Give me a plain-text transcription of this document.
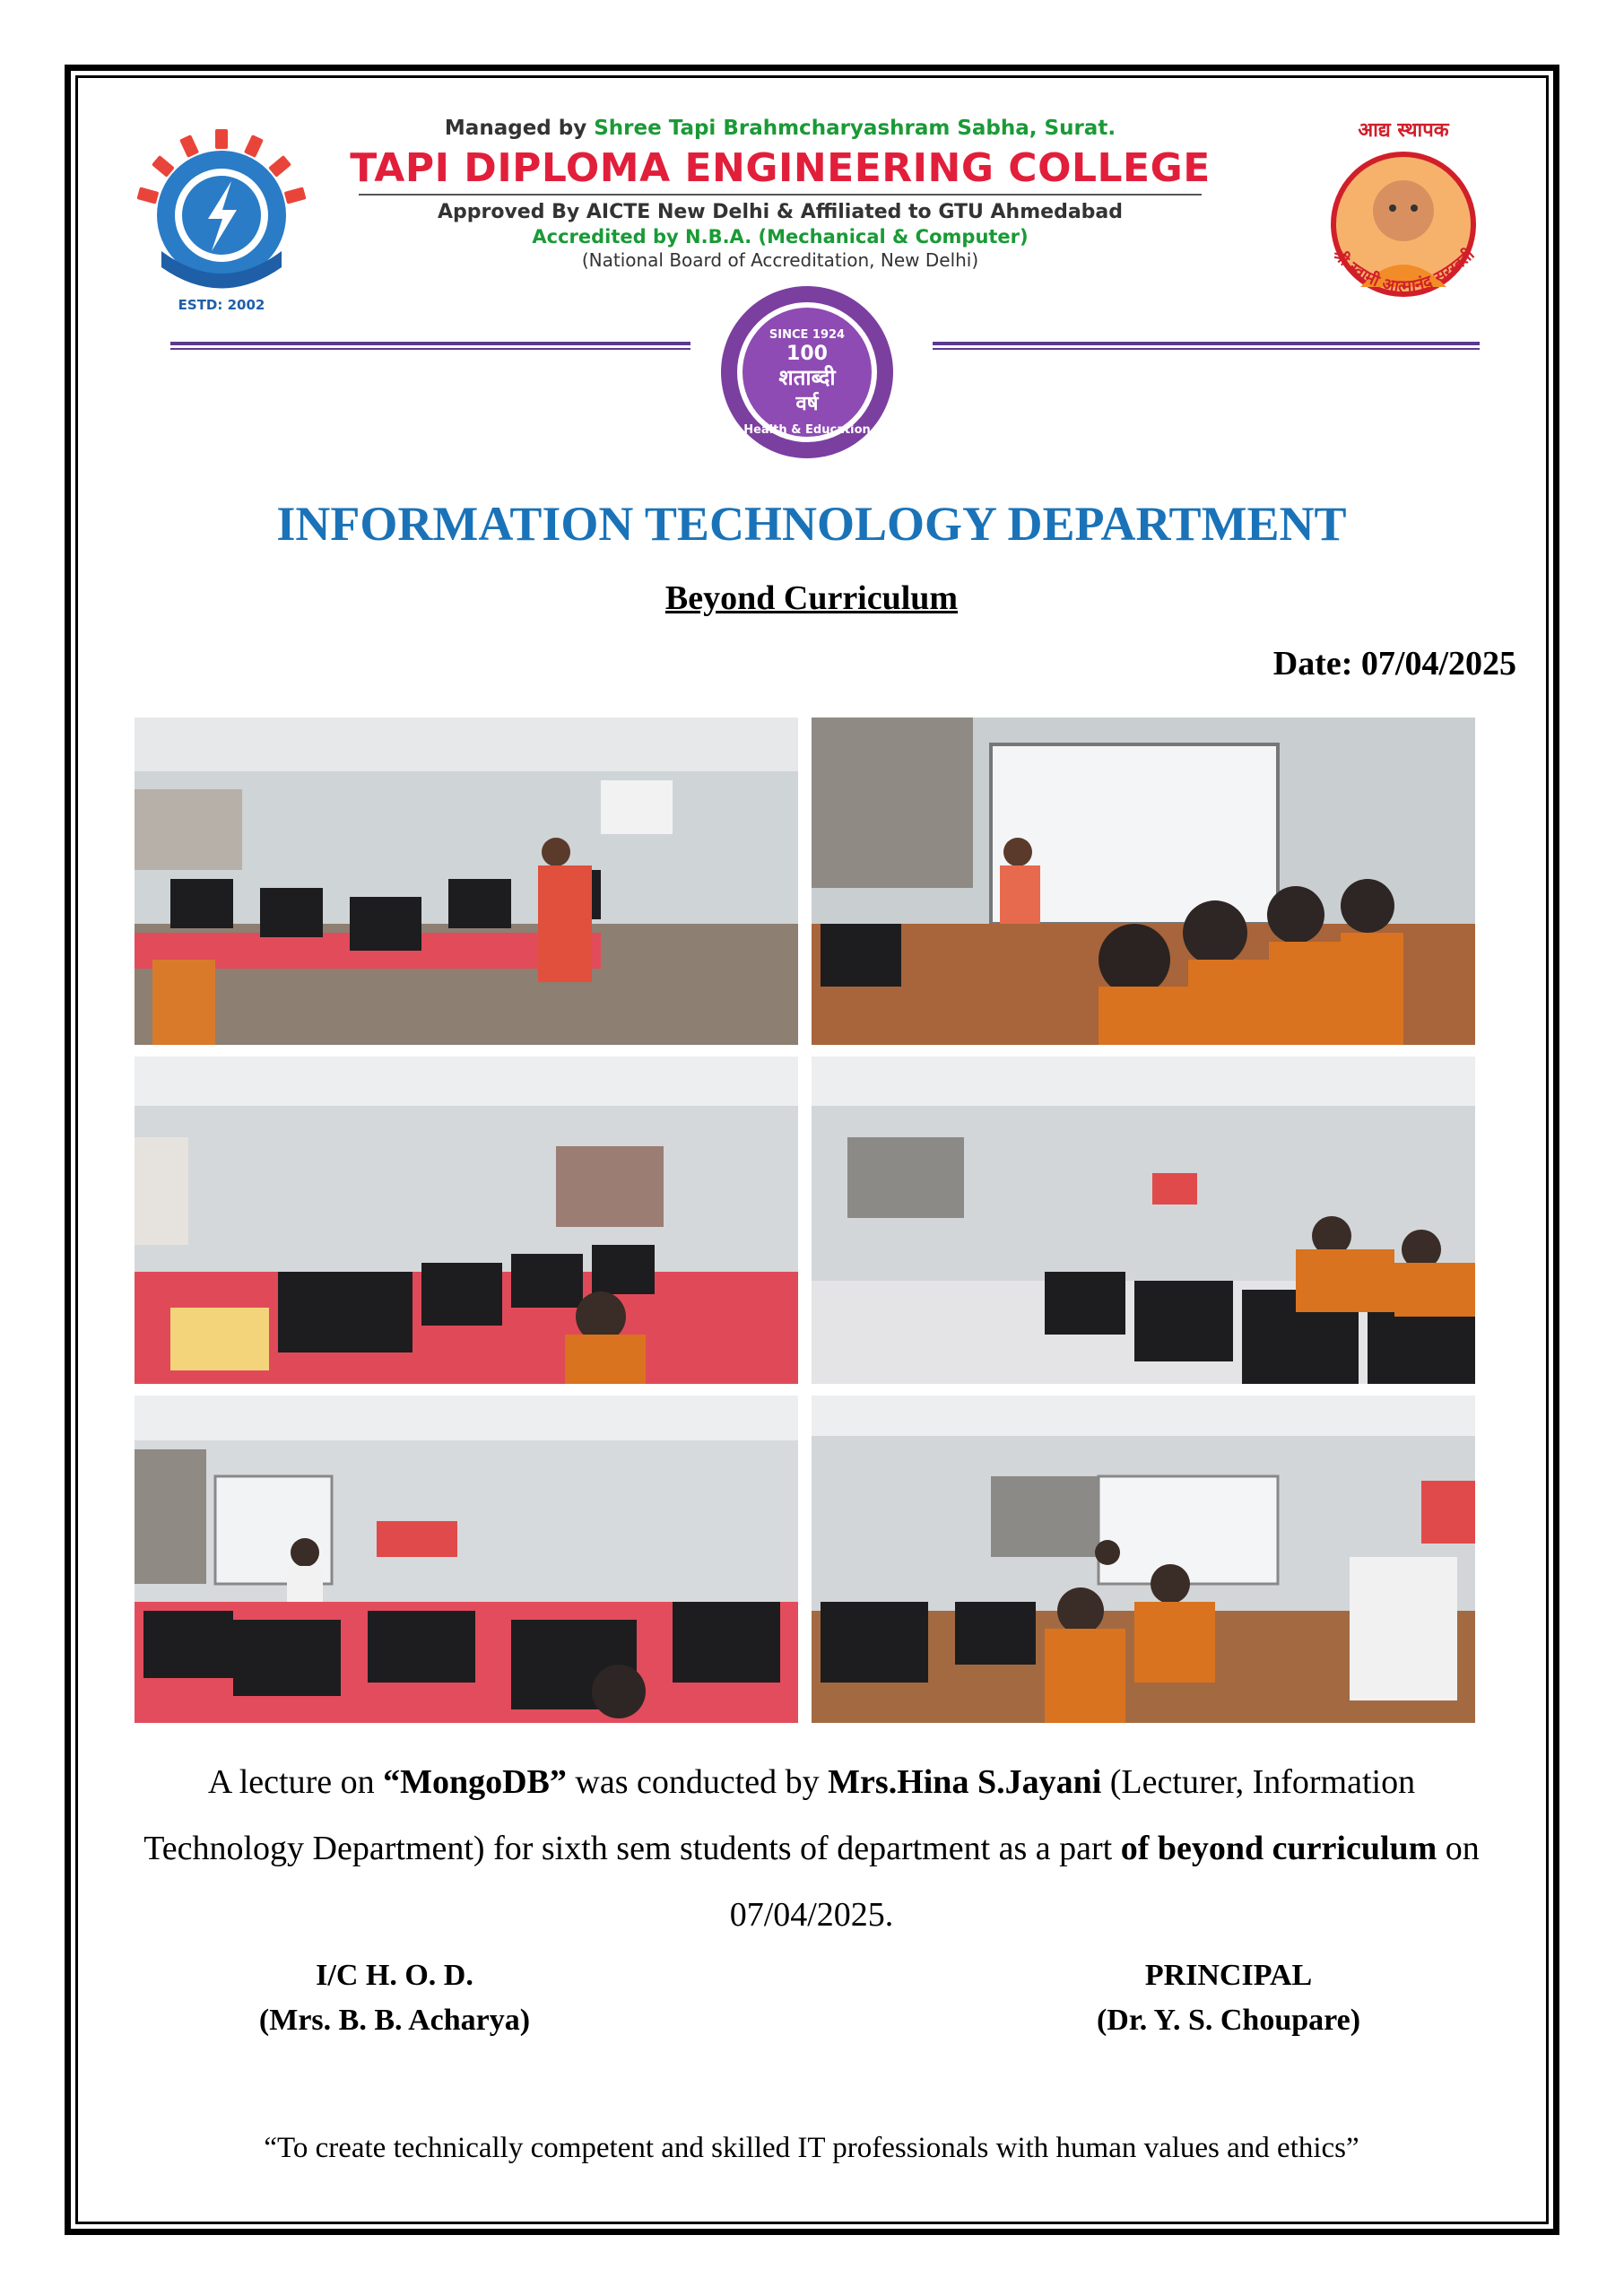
ESTD: 2002
Managed by Shree Tapi Brahmcharyashram Sabha, Surat.
TAPI DIPLOMA ENGINEERING COLLEGE
Approved By AICTE New Delhi & Affiliated to GTU Ahmedabad
Accredited by N.B.A. (Mechanical & Computer)
(National Board of Accreditation, New Delhi)
आद्य स्थापक
श्री स्वामी आत्मानंद सरस्वती
SINCE 1924
100
शताब्दी
वर्ष
Health & Education
INFORMATION TECHNOLOGY DEPARTMENT
Beyond Curriculum
Date: 07/04/2025
A lecture on “MongoDB” was conducted by Mrs.Hina S.Jayani (Lecturer, Information Technology Department) for sixth sem students of department as a part of beyond curriculum on 07/04/2025.
I/C H. O. D.
(Mrs. B. B. Acharya)
PRINCIPAL
(Dr. Y. S. Choupare)
“To create technically competent and skilled IT professionals with human values and ethics”
